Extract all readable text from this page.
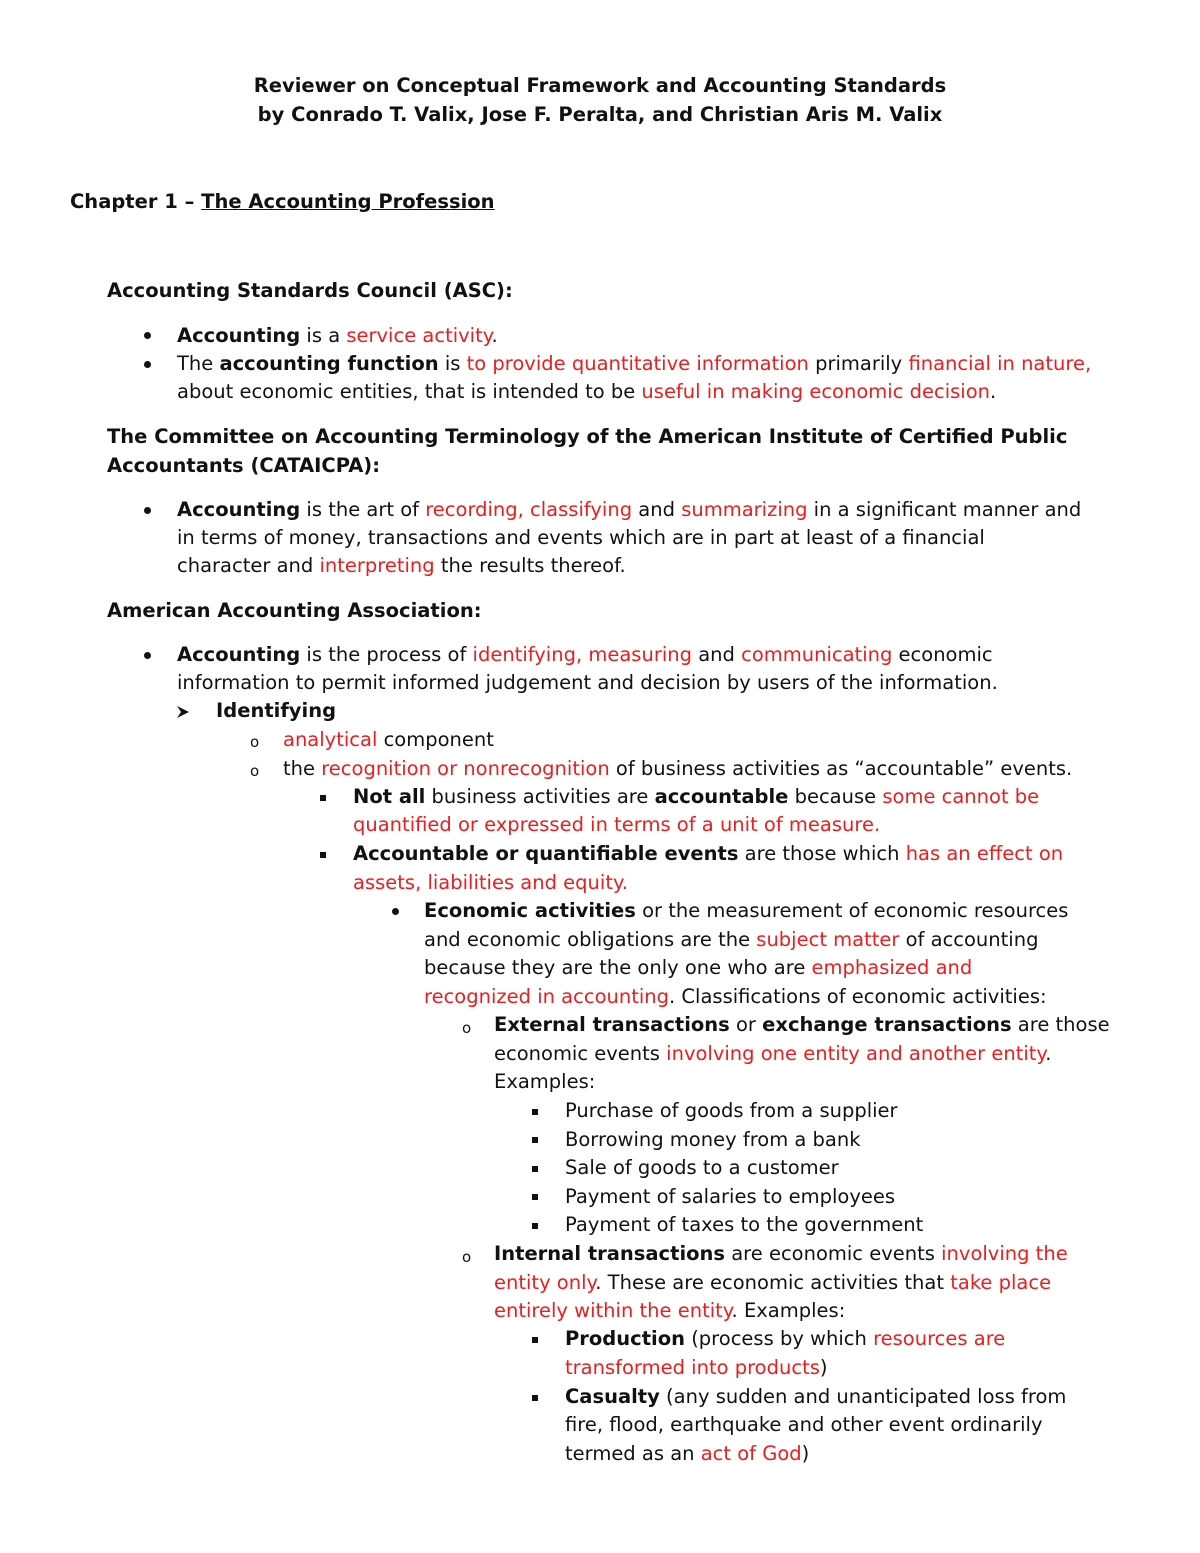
Reviewer on Conceptual Framework and Accounting Standards
by Conrado T. Valix, Jose F. Peralta, and Christian Aris M. Valix
Chapter 1 – The Accounting Profession
Accounting Standards Council (ASC):
Accounting is a service activity.
The accounting function is to provide quantitative information primarily financial in nature,
about economic entities, that is intended to be useful in making economic decision.
The Committee on Accounting Terminology of the American Institute of Certified Public
Accountants (CATAICPA):
Accounting is the art of recording, classifying and summarizing in a significant manner and
in terms of money, transactions and events which are in part at least of a financial
character and interpreting the results thereof.
American Accounting Association:
Accounting is the process of identifying, measuring and communicating economic
information to permit informed judgement and decision by users of the information.
Identifying
o analytical component
o the recognition or nonrecognition of business activities as “accountable” events.
Not all business activities are accountable because some cannot be
quantified or expressed in terms of a unit of measure.
Accountable or quantifiable events are those which has an effect on
assets, liabilities and equity.
Economic activities or the measurement of economic resources
and economic obligations are the subject matter of accounting
because they are the only one who are emphasized and
recognized in accounting. Classifications of economic activities:
o External transactions or exchange transactions are those
economic events involving one entity and another entity.
Examples:
Purchase of goods from a supplier
Borrowing money from a bank
Sale of goods to a customer
Payment of salaries to employees
Payment of taxes to the government
o Internal transactions are economic events involving the
entity only. These are economic activities that take place
entirely within the entity. Examples:
Production (process by which resources are
transformed into products)
Casualty (any sudden and unanticipated loss from
fire, flood, earthquake and other event ordinarily
termed as an act of God)
